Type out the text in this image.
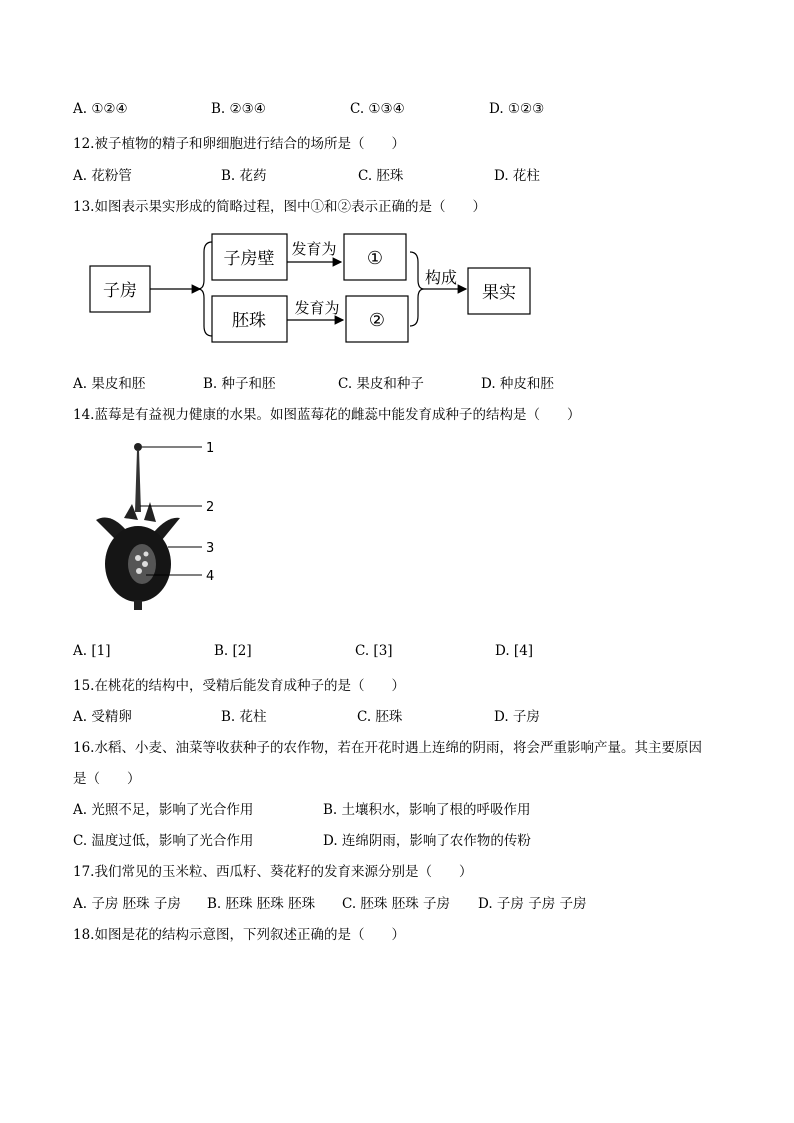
A. ①②④	B. ②③④	C. ①③④	D. ①②③
12.被子植物的精子和卵细胞进行结合的场所是（　　）
A. 花粉管	B. 花药	C. 胚珠	D. 花柱
13.如图表示果实形成的简略过程，图中①和②表示正确的是（　　）
子房
子房壁
胚珠
发育为
发育为
①
②
构成
果实
A. 果皮和胚	B. 种子和胚	C. 果皮和种子	D. 种皮和胚
14.蓝莓是有益视力健康的水果。如图蓝莓花的雌蕊中能发育成种子的结构是（　　）
1
2
3
4
A. [1]	B. [2]	C. [3]	D. [4]
15.在桃花的结构中，受精后能发育成种子的是（　　）
A. 受精卵	B. 花柱	C. 胚珠	D. 子房
16.水稻、小麦、油菜等收获种子的农作物，若在开花时遇上连绵的阴雨，将会严重影响产量。其主要原因
是（　　）
A. 光照不足，影响了光合作用	B. 土壤积水，影响了根的呼吸作用
C. 温度过低，影响了光合作用	D. 连绵阴雨，影响了农作物的传粉
17.我们常见的玉米粒、西瓜籽、葵花籽的发育来源分别是（　　）
A. 子房 胚珠 子房 B. 胚珠 胚珠 胚珠 C. 胚珠 胚珠 子房 D. 子房 子房 子房
18.如图是花的结构示意图，下列叙述正确的是（　　）
